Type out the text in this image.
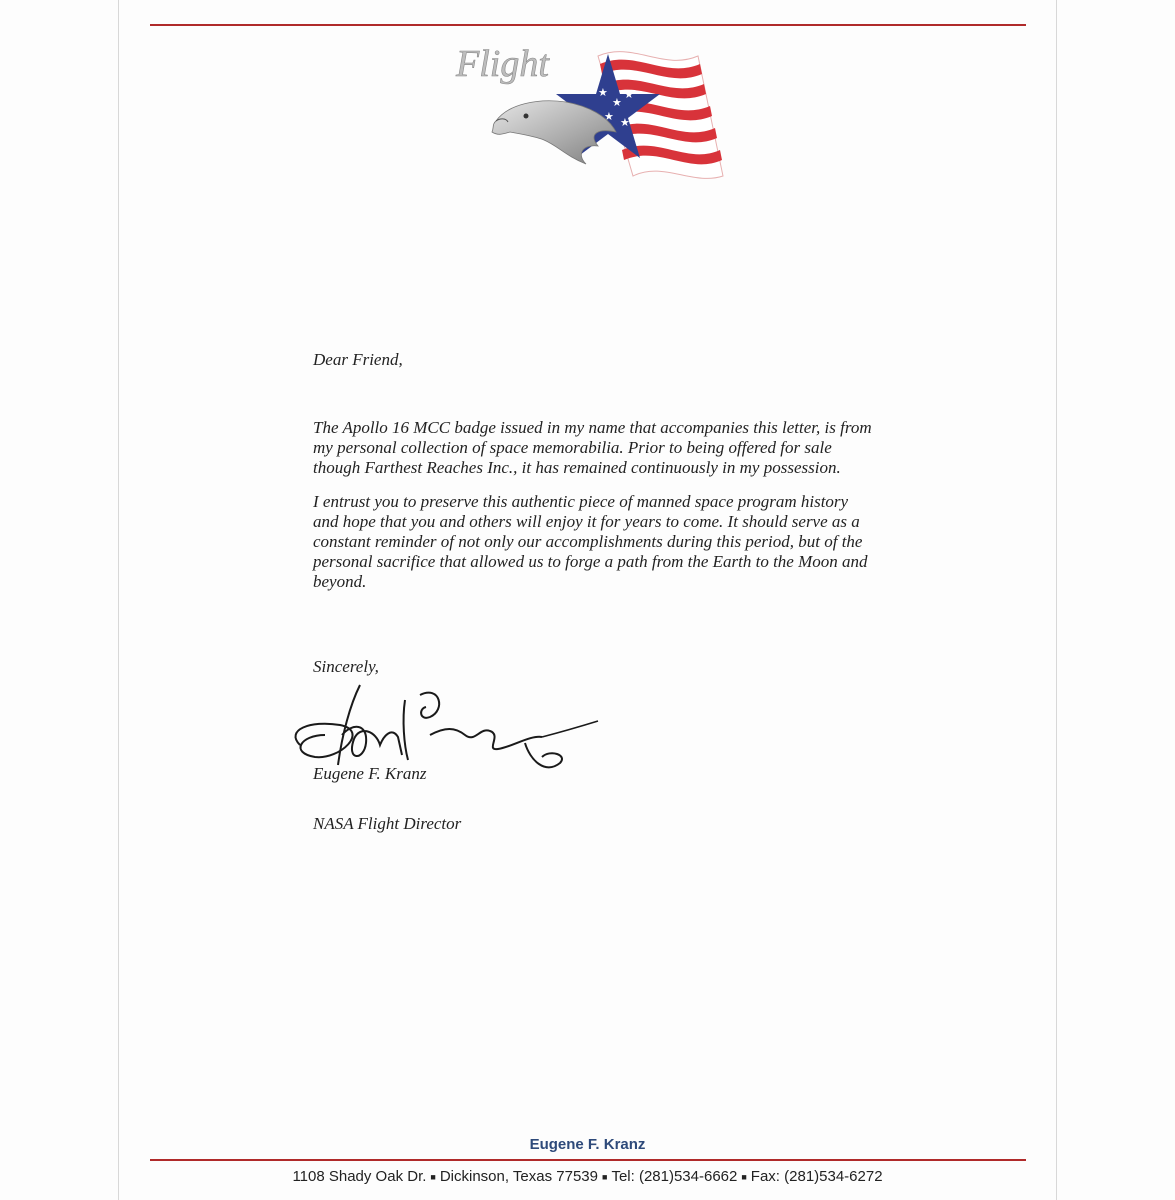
★
★
★
★ ★
Flight

Dear Friend,

The Apollo 16 MCC badge issued in my name that accompanies this letter, is from my personal collection of space memorabilia. Prior to being offered for sale though Farthest Reaches Inc., it has remained continuously in my possession.

I entrust you to preserve this authentic piece of manned space program history and hope that you and others will enjoy it for years to come. It should serve as a constant reminder of not only our accomplishments during this period, but of the personal sacrifice that allowed us to forge a path from the Earth to the Moon and beyond.

Sincerely,
Eugene F. Kranz
NASA Flight Director
Eugene F. Kranz
1108 Shady Oak Dr. ■ Dickinson, Texas 77539 ■ Tel: (281)534-6662 ■ Fax: (281)534-6272
